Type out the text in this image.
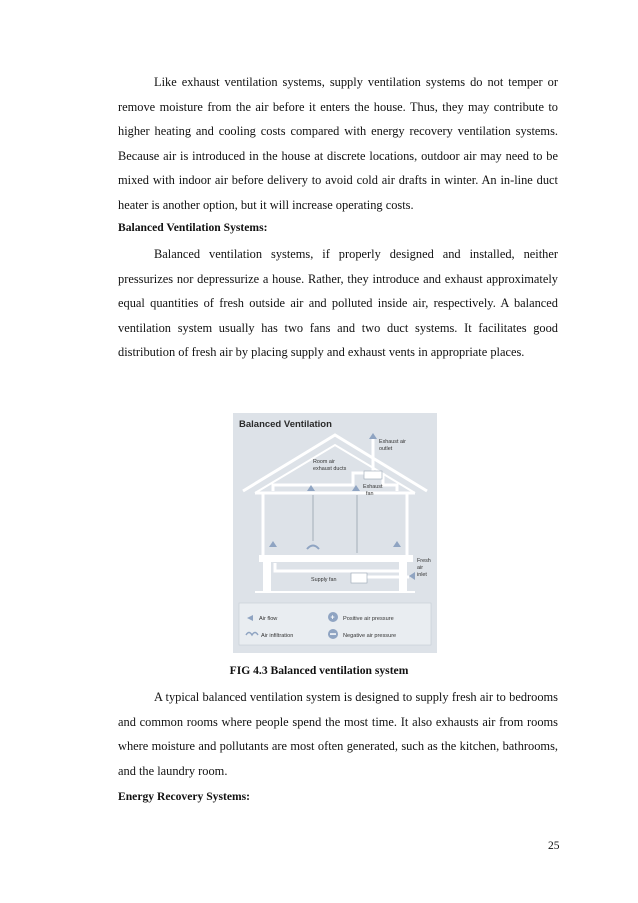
Like exhaust ventilation systems, supply ventilation systems do not temper or remove moisture from the air before it enters the house. Thus, they may contribute to higher heating and cooling costs compared with energy recovery ventilation systems. Because air is introduced in the house at discrete locations, outdoor air may need to be mixed with indoor air before delivery to avoid cold air drafts in winter. An in-line duct heater is another option, but it will increase operating costs.

Balanced Ventilation Systems:

Balanced ventilation systems, if properly designed and installed, neither pressurizes nor depressurize a house. Rather, they introduce and exhaust approximately equal quantities of fresh outside air and polluted inside air, respectively. A balanced ventilation system usually has two fans and two duct systems. It facilitates good distribution of fresh air by placing supply and exhaust vents in appropriate places.

Balanced Ventilation
Exhaust air
outlet
Room air
exhaust ducts
Exhaust
fan
Fresh
air
inlet
Supply fan
Air flow
Air infiltration
+ Positive air pressure
Negative air pressure

FIG 4.3 Balanced ventilation system

A typical balanced ventilation system is designed to supply fresh air to bedrooms and common rooms where people spend the most time. It also exhausts air from rooms where moisture and pollutants are most often generated, such as the kitchen, bathrooms, and the laundry room.

Energy Recovery Systems:

25
